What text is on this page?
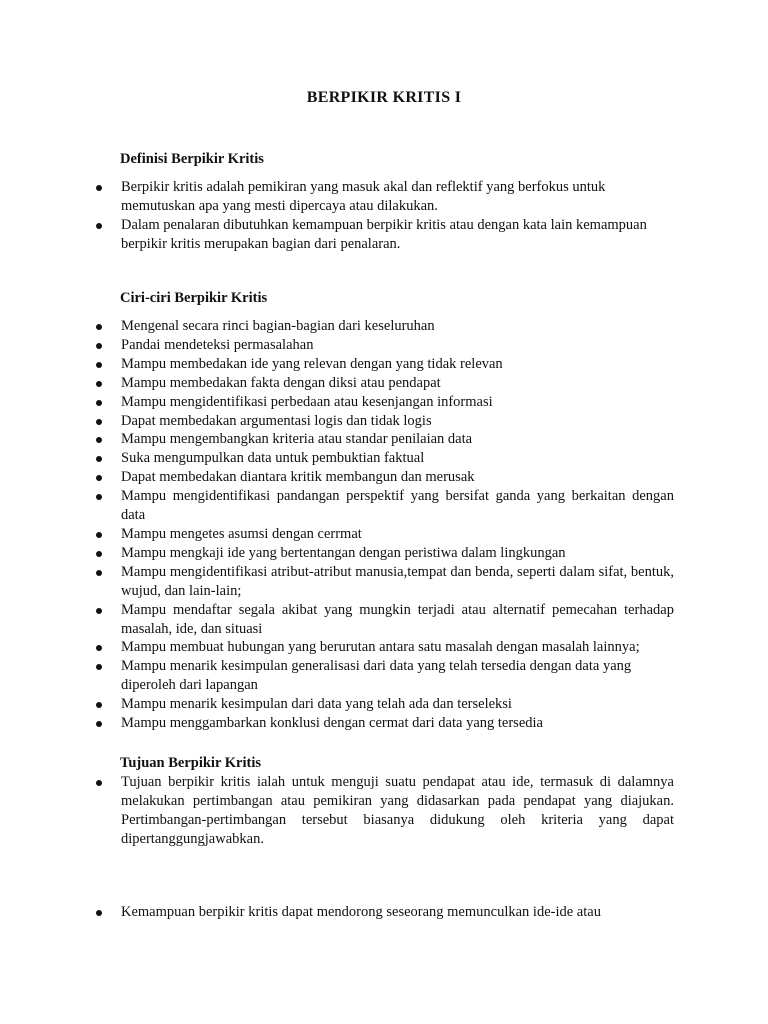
BERPIKIR KRITIS I
Definisi Berpikir Kritis
Berpikir kritis adalah pemikiran yang masuk akal dan reflektif yang berfokus untuk memutuskan apa yang mesti dipercaya atau dilakukan.
Dalam penalaran dibutuhkan kemampuan berpikir kritis atau dengan kata lain kemampuan berpikir kritis merupakan bagian dari penalaran.
Ciri-ciri Berpikir Kritis
Mengenal secara rinci bagian-bagian dari keseluruhan
Pandai mendeteksi permasalahan
Mampu membedakan ide yang relevan dengan yang tidak relevan
Mampu membedakan fakta dengan diksi atau pendapat
Mampu mengidentifikasi perbedaan atau kesenjangan informasi
Dapat membedakan argumentasi logis dan tidak logis
Mampu mengembangkan kriteria atau standar penilaian data
Suka mengumpulkan data untuk pembuktian faktual
Dapat membedakan diantara kritik membangun dan merusak
Mampu mengidentifikasi pandangan perspektif yang bersifat ganda yang berkaitan dengan data
Mampu mengetes asumsi dengan cerrmat
Mampu mengkaji ide yang bertentangan dengan peristiwa dalam lingkungan
Mampu mengidentifikasi atribut-atribut manusia,tempat dan benda, seperti dalam sifat, bentuk, wujud, dan lain-lain;
Mampu mendaftar segala akibat yang mungkin terjadi atau alternatif pemecahan terhadap masalah, ide, dan situasi
Mampu membuat hubungan yang berurutan antara satu masalah dengan masalah lainnya;
Mampu menarik kesimpulan generalisasi dari data yang telah tersedia dengan data yang diperoleh dari lapangan
Mampu menarik kesimpulan dari data yang telah ada dan terseleksi
Mampu menggambarkan konklusi dengan cermat dari data yang tersedia
Tujuan Berpikir Kritis
Tujuan berpikir kritis ialah untuk menguji suatu pendapat atau ide, termasuk di dalamnya melakukan pertimbangan atau pemikiran yang didasarkan pada pendapat yang diajukan. Pertimbangan-pertimbangan tersebut biasanya didukung oleh kriteria yang dapat dipertanggungjawabkan.
Kemampuan berpikir kritis dapat mendorong seseorang memunculkan ide-ide atau
